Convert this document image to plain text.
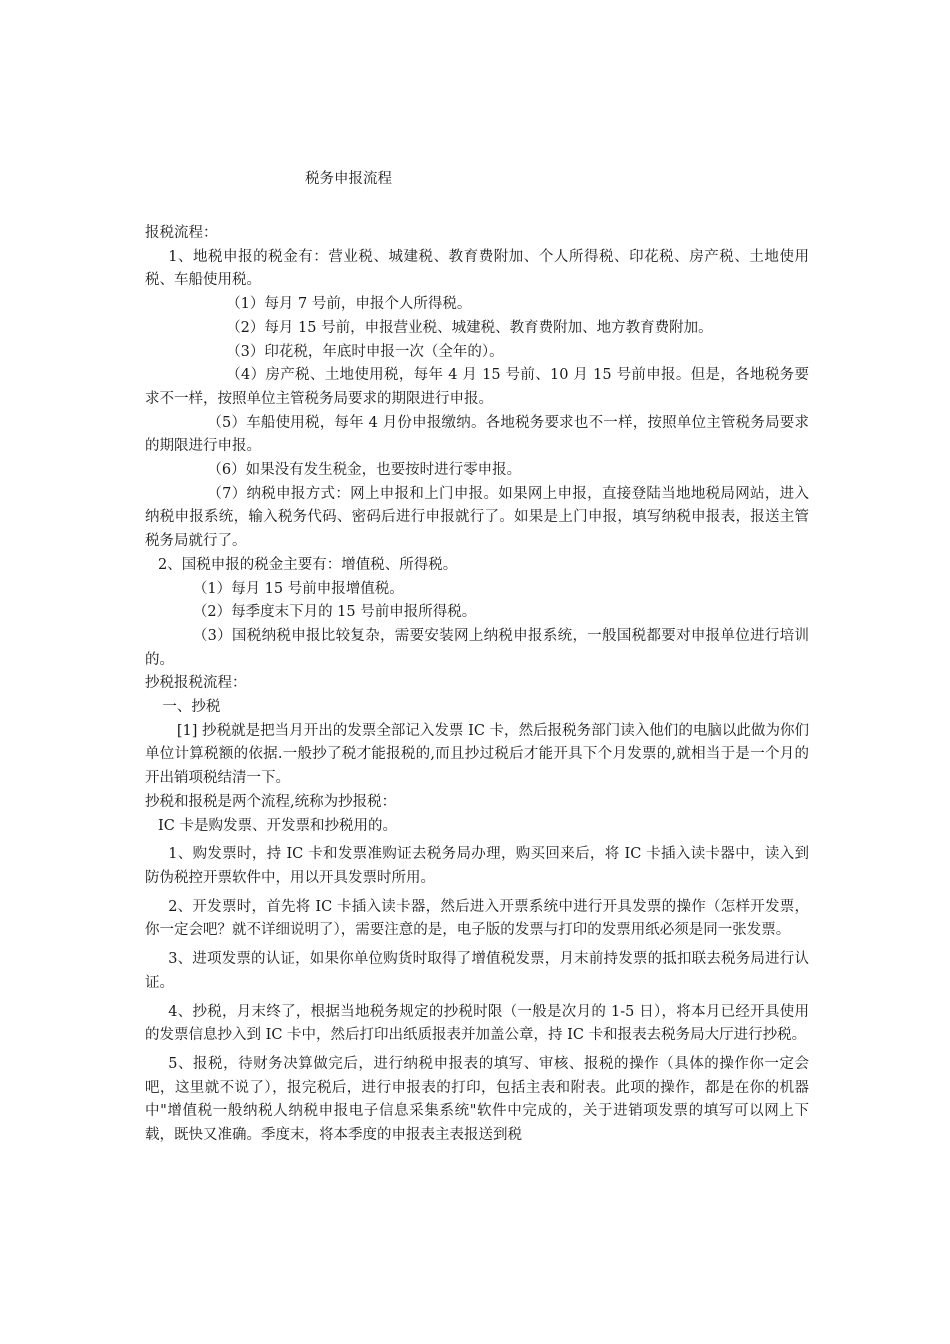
税务申报流程

报税流程：

1、地税申报的税金有：营业税、城建税、教育费附加、个人所得税、印花税、房产税、土地使用税、车船使用税。

（1）每月 7 号前，申报个人所得税。

（2）每月 15 号前，申报营业税、城建税、教育费附加、地方教育费附加。

（3）印花税，年底时申报一次（全年的）。

（4）房产税、土地使用税，每年 4 月 15 号前、10 月 15 号前申报。但是，各地税务要求不一样，按照单位主管税务局要求的期限进行申报。

（5）车船使用税，每年 4 月份申报缴纳。各地税务要求也不一样，按照单位主管税务局要求的期限进行申报。

（6）如果没有发生税金，也要按时进行零申报。

（7）纳税申报方式：网上申报和上门申报。如果网上申报，直接登陆当地地税局网站，进入纳税申报系统，输入税务代码、密码后进行申报就行了。如果是上门申报，填写纳税申报表，报送主管税务局就行了。

2、国税申报的税金主要有：增值税、所得税。

（1）每月 15 号前申报增值税。

（2）每季度末下月的 15 号前申报所得税。

（3）国税纳税申报比较复杂，需要安装网上纳税申报系统，一般国税都要对申报单位进行培训的。

抄税报税流程：

一、抄税

[1] 抄税就是把当月开出的发票全部记入发票 IC 卡，然后报税务部门读入他们的电脑以此做为你们单位计算税额的依据.一般抄了税才能报税的,而且抄过税后才能开具下个月发票的,就相当于是一个月的开出销项税结清一下。

抄税和报税是两个流程,统称为抄报税：

IC 卡是购发票、开发票和抄税用的。

1、购发票时，持 IC 卡和发票准购证去税务局办理，购买回来后，将 IC 卡插入读卡器中，读入到防伪税控开票软件中，用以开具发票时所用。

2、开发票时，首先将 IC 卡插入读卡器，然后进入开票系统中进行开具发票的操作（怎样开发票，你一定会吧？就不详细说明了），需要注意的是，电子版的发票与打印的发票用纸必须是同一张发票。

3、进项发票的认证，如果你单位购货时取得了增值税发票，月末前持发票的抵扣联去税务局进行认证。

4、抄税，月末终了，根据当地税务规定的抄税时限（一般是次月的 1-5 日），将本月已经开具使用的发票信息抄入到 IC 卡中，然后打印出纸质报表并加盖公章，持 IC 卡和报表去税务局大厅进行抄税。

5、报税，待财务决算做完后，进行纳税申报表的填写、审核、报税的操作（具体的操作你一定会吧，这里就不说了），报完税后，进行申报表的打印，包括主表和附表。此项的操作，都是在你的机器中"增值税一般纳税人纳税申报电子信息采集系统"软件中完成的，关于进销项发票的填写可以网上下载，既快又准确。季度末，将本季度的申报表主表报送到税
